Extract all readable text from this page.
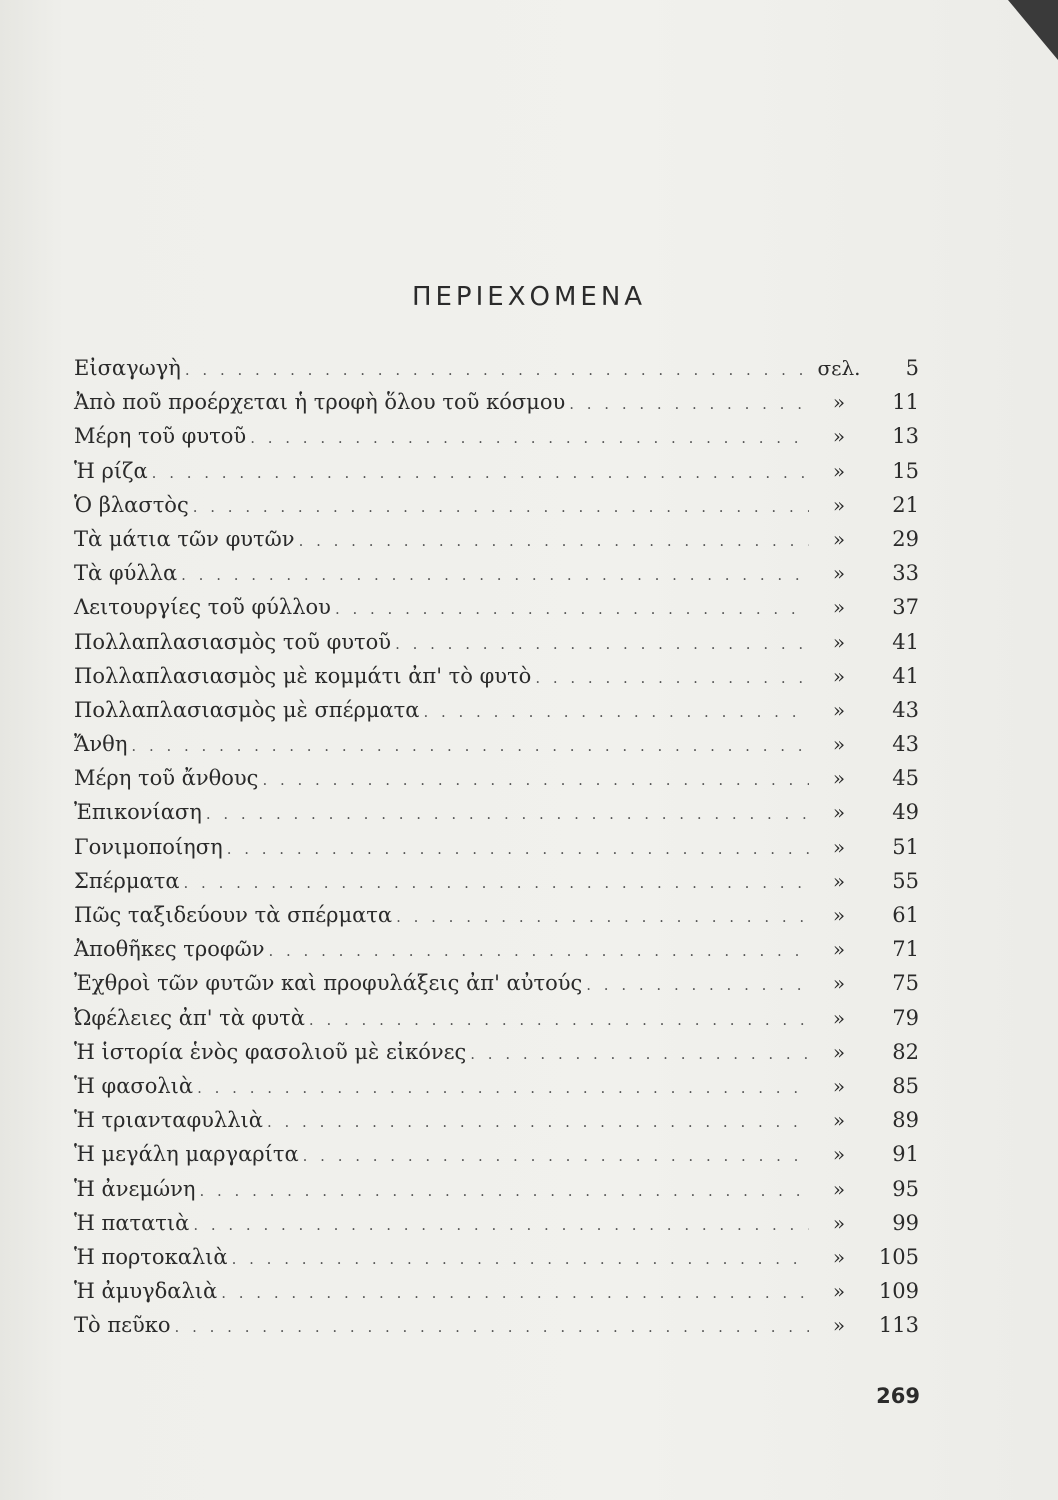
ΠΕΡΙΕΧΟΜΕΝΑ
Εἰσαγωγὴ . . .	σελ.	5
Ἀπὸ ποῦ προέρχεται ἡ τροφὴ ὅλου τοῦ κόσμου . . .	»	11
Μέρη τοῦ φυτοῦ . . .	»	13
Ἡ ρίζα . . .	»	15
Ὁ βλαστὸς . . .	»	21
Τὰ μάτια τῶν φυτῶν . . .	»	29
Τὰ φύλλα . . .	»	33
Λειτουργίες τοῦ φύλλου . . .	»	37
Πολλαπλασιασμὸς τοῦ φυτοῦ . . .	»	41
Πολλαπλασιασμὸς μὲ κομμάτι ἀπ' τὸ φυτὸ . . .	»	41
Πολλαπλασιασμὸς μὲ σπέρματα . . .	»	43
Ἄνθη . . .	»	43
Μέρη τοῦ ἄνθους . . .	»	45
Ἐπικονίαση . . .	»	49
Γονιμοποίηση . . .	»	51
Σπέρματα . . .	»	55
Πῶς ταξιδεύουν τὰ σπέρματα . . .	»	61
Ἀποθῆκες τροφῶν . . .	»	71
Ἐχθροὶ τῶν φυτῶν καὶ προφυλάξεις ἀπ' αὐτούς . . .	»	75
Ὠφέλειες ἀπ' τὰ φυτὰ . . .	»	79
Ἡ ἱστορία ἑνὸς φασολιοῦ μὲ εἰκόνες . . .	»	82
Ἡ φασολιὰ . . .	»	85
Ἡ τριανταφυλλιὰ . . .	»	89
Ἡ μεγάλη μαργαρίτα . . .	»	91
Ἡ ἀνεμώνη . . .	»	95
Ἡ πατατιὰ . . .	»	99
Ἡ πορτοκαλιὰ . . .	»	105
Ἡ ἀμυγδαλιὰ . . .	»	109
Τὸ πεῦκο . . .	»	113
269
